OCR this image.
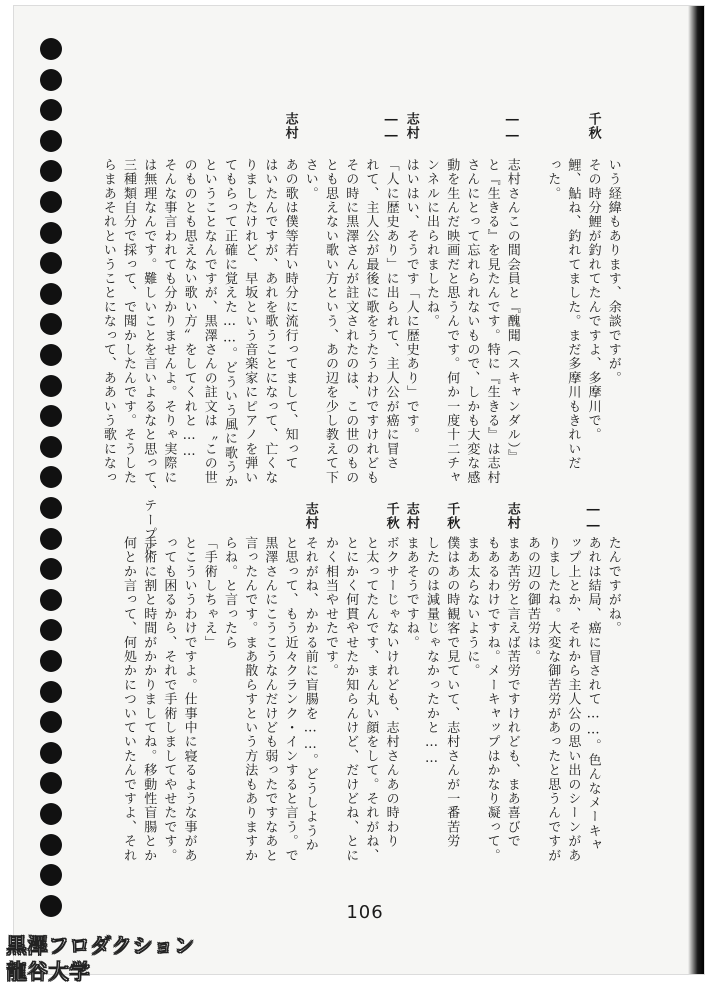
いう経緯もあります、余談ですが。
千秋
その時分鯉が釣れてたんですよ、多摩川で。
鯉、鮎ね、釣れてました。まだ多摩川もきれいだ
った。
――
志村さんこの間会員と『醜聞（スキャンダル）』
と『生きる』を見たんです。特に『生きる』は志村
さんにとって忘れられないもので、しかも大変な感
動を生んだ映画だと思うんです。何か一度十二チャ
ンネルに出られましたね。
志村
はいはい、そうです「人に歴史あり」です。
――
「人に歴史あり」に出られて、主人公が癌に冒さ
れて、主人公が最後に歌をうたうわけですけれども
その時に黒澤さんが註文されたのは、この世のもの
とも思えない歌い方という、あの辺を少し教えて下
さい。
志村
あの歌は僕等若い時分に流行ってまして、知って
はいたんですが、あれを歌うことになって、亡くな
りましたけれど、早坂という音楽家にピアノを弾い
てもらって正確に覚えた……。どういう風に歌うか
ということなんですが、黒澤さんの註文は〝この世
のものとも思えない歌い方〟をしてくれと……
そんな事言われても分かりませんよ。そりゃ実際に
は無理なんです。難しいことを言いよるなと思って、テープに
三種類自分で採って、で聞かしたんです。そうした
らまあそれということになって、ああいう歌になっ
たんですがね。
――
あれは結局、癌に冒されて……。色んなメーキャ
ップ上とか、それから主人公の思い出のシーンがあ
りましたね。大変な御苦労があったと思うんですが
あの辺の御苦労は。
志村
まあ苦労と言えば苦労ですけれども、まあ喜びで
もあるわけですね。メーキャップはかなり凝って。
まあ太らないように。
千秋
僕はあの時観客で見ていて、志村さんが一番苦労
したのは減量じゃなかったかと……
志村
まあそうですね。
千秋
ボクサーじゃないけれども、志村さんあの時わり
と太ってたんです、まん丸い顔をして。それがね、
とにかく何貫やせたか知らんけど、だけどね、とに
かく相当やせたです。
志村
それがね、かかる前に盲腸を……。どうしようか
と思って、もう近々クランク・インすると言う。で
黒澤さんにこうこうなんだけども弱ったですなあと
言ったんです。まあ散らすという方法もありますか
らね。と言ったら
「手術しちゃえ」
とこういうわけですよ。仕事中に寝るような事があ
っても困るから、それで手術しましてやせたです。
手術に割と時間がかかりましてね。移動性盲腸とか
何とか言って、何処かについていたんですよ、それ
106
黒澤フロダクション
龍谷大学
